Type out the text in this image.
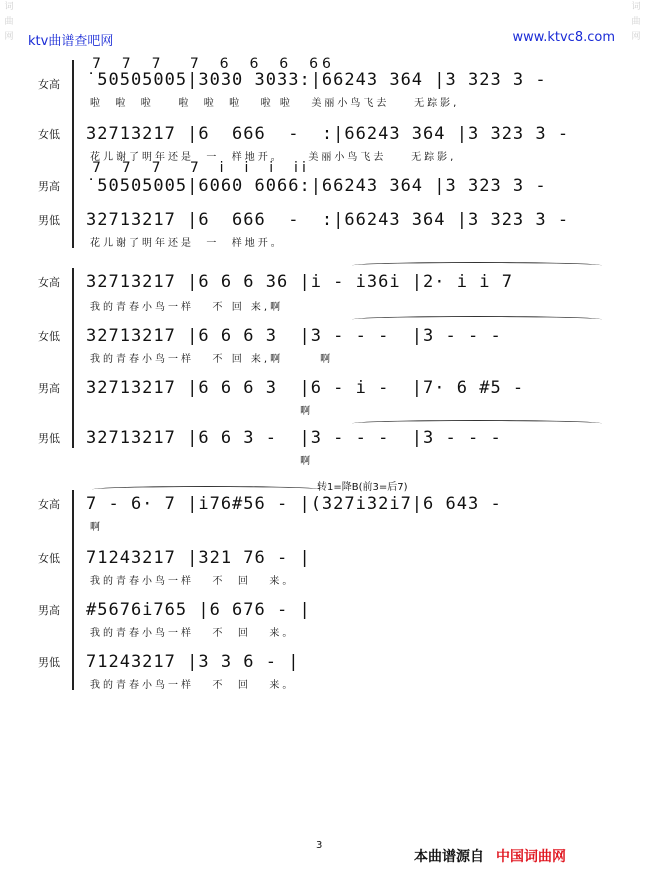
ktv曲谱查吧网	www.ktvc8.com
词
曲
网
词
曲
网
女高
7  7  7   7  6  6  6  66
˙50505005|3030 3033:|66243 364 |3 323 3 -
啦  啦  啦    啦  啦  啦   啦 啦   美丽小鸟飞去    无踪影,
女低 32713217 |6  666  -  :|66243 364 |3 323 3 -
花儿谢了明年还是  一  样地开。    美丽小鸟飞去    无踪影,
男高
7  7  7   7  i  i  i  ii
˙50505005|6060 6066:|66243 364 |3 323 3 -
男低 32713217 |6  666  -  :|66243 364 |3 323 3 -
花儿谢了明年还是  一  样地开。
女高 32713217 |6 6 6 36 |i - i36i |2· i i 7
我的青春小鸟一样   不 回 来,啊
女低 32713217 |6 6 6 3  |3 - - -  |3 - - -
我的青春小鸟一样   不 回 来,啊      啊
男高 32713217 |6 6 6 3  |6 - i -  |7· 6 #5 -
啊
男低 32713217 |6 6 3 -  |3 - - -  |3 - - -
啊
女高 7 - 6· 7 |i76#56 - |(327i32i7|6 643 -
啊
女低 71243217 |321 76 - |
我的青春小鸟一样   不  回   来。
男高 #5676i765 |6 676 - |
我的青春小鸟一样   不  回   来。
男低 71243217 |3 3 6 - |
我的青春小鸟一样   不  回   来。
转1=降B(前3=后7)
3
本曲谱源自 中国词曲网
